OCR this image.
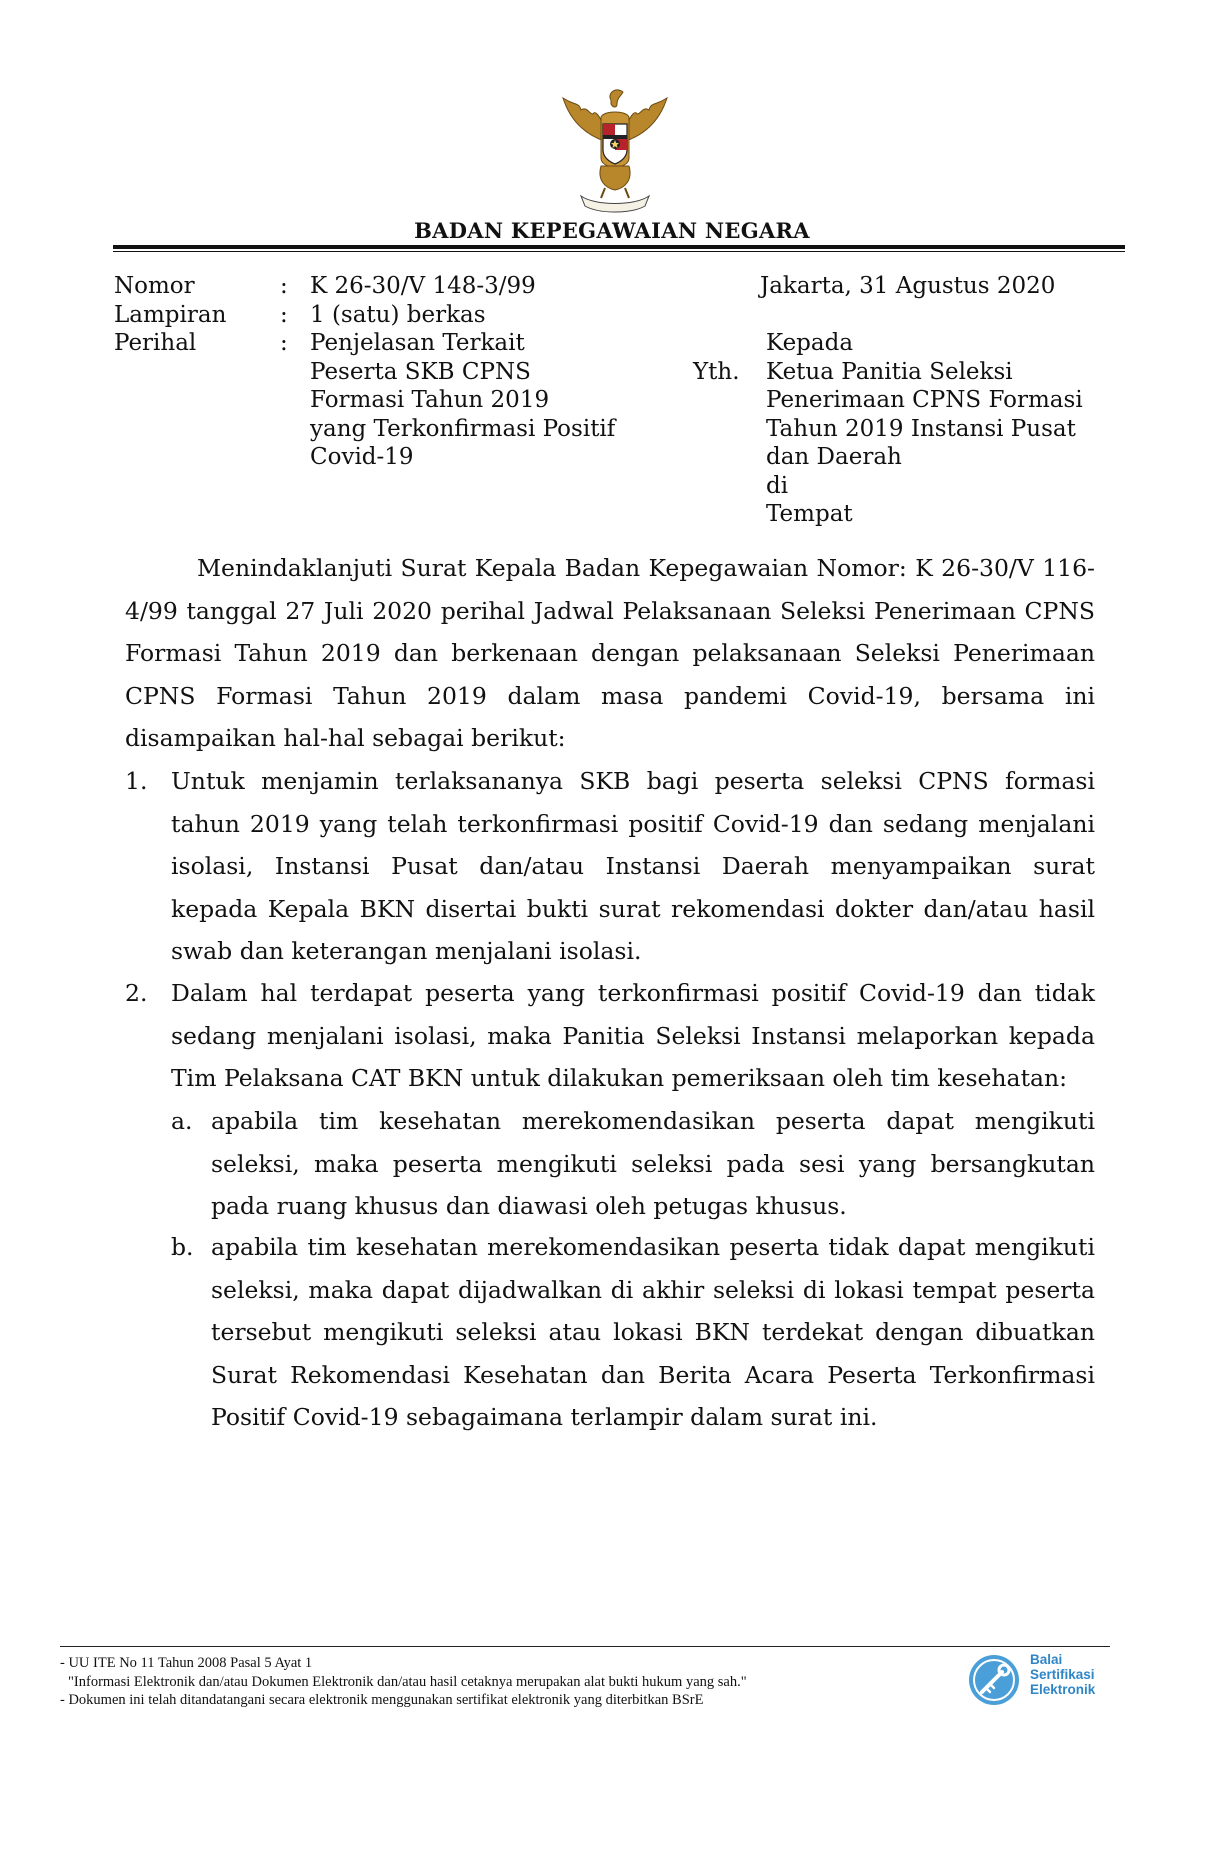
BADAN KEPEGAWAIAN NEGARA
Nomor
Lampiran
Perihal
:
:
:
K 26-30/V 148-3/99
1 (satu) berkas
Penjelasan Terkait
Peserta SKB CPNS
Formasi Tahun 2019
yang Terkonfirmasi Positif
Covid-19
Jakarta, 31 Agustus 2020
Yth.
Kepada
Ketua Panitia Seleksi
Penerimaan CPNS Formasi
Tahun 2019 Instansi Pusat
dan Daerah
di
Tempat
Menindaklanjuti Surat Kepala Badan Kepegawaian Nomor: K 26-30/V 116-
4/99 tanggal 27 Juli 2020 perihal Jadwal Pelaksanaan Seleksi Penerimaan CPNS
Formasi Tahun 2019 dan berkenaan dengan pelaksanaan Seleksi Penerimaan
CPNS Formasi Tahun 2019 dalam masa pandemi Covid-19, bersama ini
disampaikan hal-hal sebagai berikut:
1. Untuk menjamin terlaksananya SKB bagi peserta seleksi CPNS formasi
tahun 2019 yang telah terkonfirmasi positif Covid-19 dan sedang menjalani
isolasi, Instansi Pusat dan/atau Instansi Daerah menyampaikan surat
kepada Kepala BKN disertai bukti surat rekomendasi dokter dan/atau hasil
swab dan keterangan menjalani isolasi.
2. Dalam hal terdapat peserta yang terkonfirmasi positif Covid-19 dan tidak
sedang menjalani isolasi, maka Panitia Seleksi Instansi melaporkan kepada
Tim Pelaksana CAT BKN untuk dilakukan pemeriksaan oleh tim kesehatan:
a. apabila tim kesehatan merekomendasikan peserta dapat mengikuti
seleksi, maka peserta mengikuti seleksi pada sesi yang bersangkutan
pada ruang khusus dan diawasi oleh petugas khusus.
b. apabila tim kesehatan merekomendasikan peserta tidak dapat mengikuti
seleksi, maka dapat dijadwalkan di akhir seleksi di lokasi tempat peserta
tersebut mengikuti seleksi atau lokasi BKN terdekat dengan dibuatkan
Surat Rekomendasi Kesehatan dan Berita Acara Peserta Terkonfirmasi
Positif Covid-19 sebagaimana terlampir dalam surat ini.
- UU ITE No 11 Tahun 2008 Pasal 5 Ayat 1
"Informasi Elektronik dan/atau Dokumen Elektronik dan/atau hasil cetaknya merupakan alat bukti hukum yang sah."
- Dokumen ini telah ditandatangani secara elektronik menggunakan sertifikat elektronik yang diterbitkan BSrE
Balai
Sertifikasi
Elektronik
